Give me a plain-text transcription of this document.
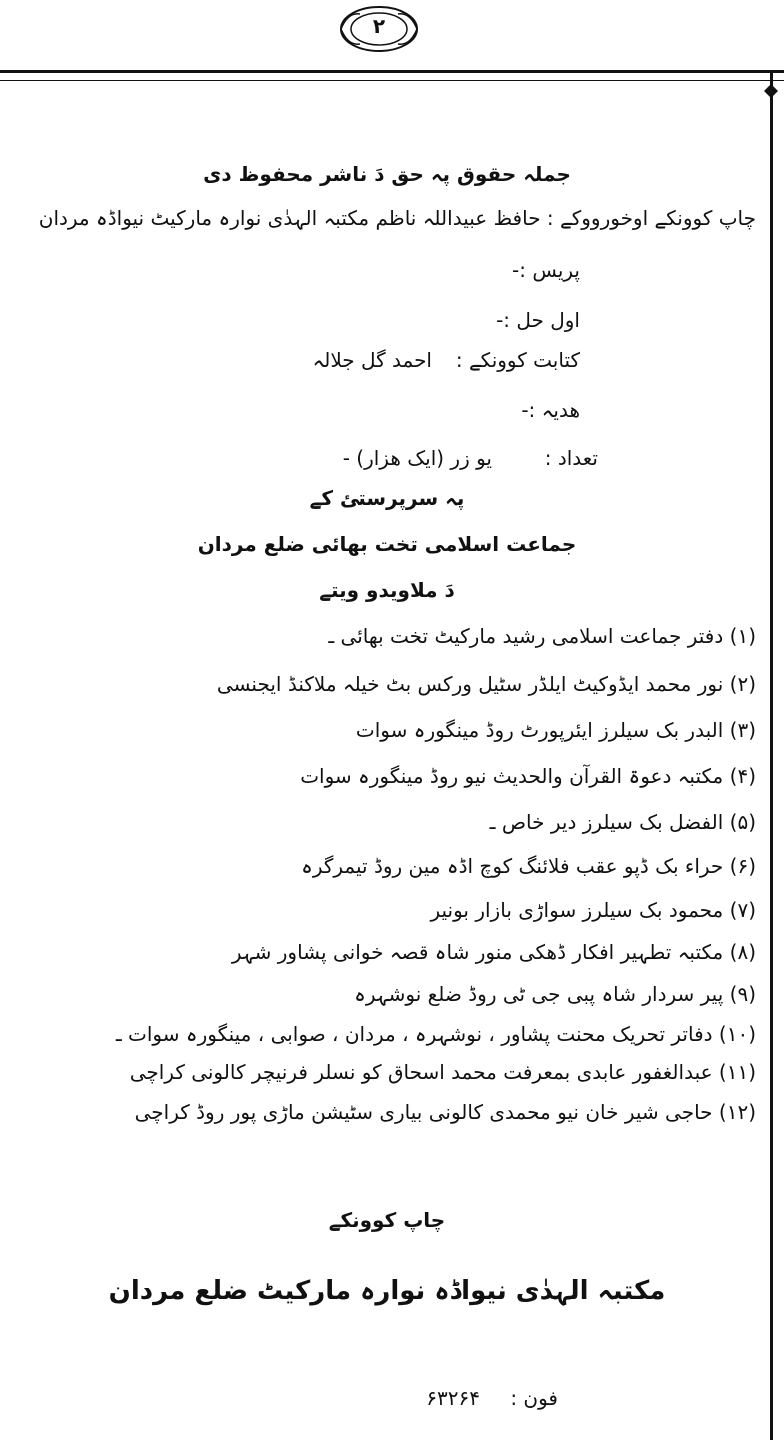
۲
جملہ حقوق پہ حق دَ ناشر محفوظ دی
چاپ کوونکے اوخورووکے : حافظ عبیداللہ ناظم مکتبہ الہدٰی نوارہ مارکیٹ نیواڈہ مردان
پریس :-
اول حل :-
کتابت کوونکے :
احمد گل جلالہ
ھدیہ :-
تعداد :
یو زر (ایک ھزار) -
پہ سرپرستئ کے
جماعت اسلامی تخت بھائی ضلع مردان
دَ ملاویدو ویتے
(۱) دفتر جماعت اسلامی رشید مارکیٹ تخت بھائی ـ
(۲) نور محمد ایڈوکیٹ ایلڈر سٹیل ورکس بٹ خیلہ ملاکنڈ ایجنسی
(۳) البدر بک سیلرز ایئرپورٹ روڈ مینگورہ سوات
(۴) مکتبہ دعوۃ القرآن والحدیث نیو روڈ مینگورہ سوات
(۵) الفضل بک سیلرز دیر خاص ـ
(۶) حراء بک ڈپو عقب فلائنگ کوچ اڈہ مین روڈ تیمرگرہ
(۷) محمود بک سیلرز سواڑی بازار بونیر
(۸) مکتبہ تطہیر افکار ڈھکی منور شاہ قصہ خوانی پشاور شہر
(۹) پیر سردار شاہ پبی جی ٹی روڈ ضلع نوشہرہ
(۱۰) دفاتر تحریک محنت پشاور ، نوشہرہ ، مردان ، صوابی ، مینگورہ سوات ـ
(۱۱) عبدالغفور عابدی بمعرفت محمد اسحاق کو نسلر فرنیچر کالونی کراچی
(۱۲) حاجی شیر خان نیو محمدی کالونی بیاری سٹیشن ماڑی پور روڈ کراچی
چاپ کوونکے
مکتبہ الہدٰی نیواڈہ نوارہ مارکیٹ ضلع مردان
فون :
۶۳۲۶۴
